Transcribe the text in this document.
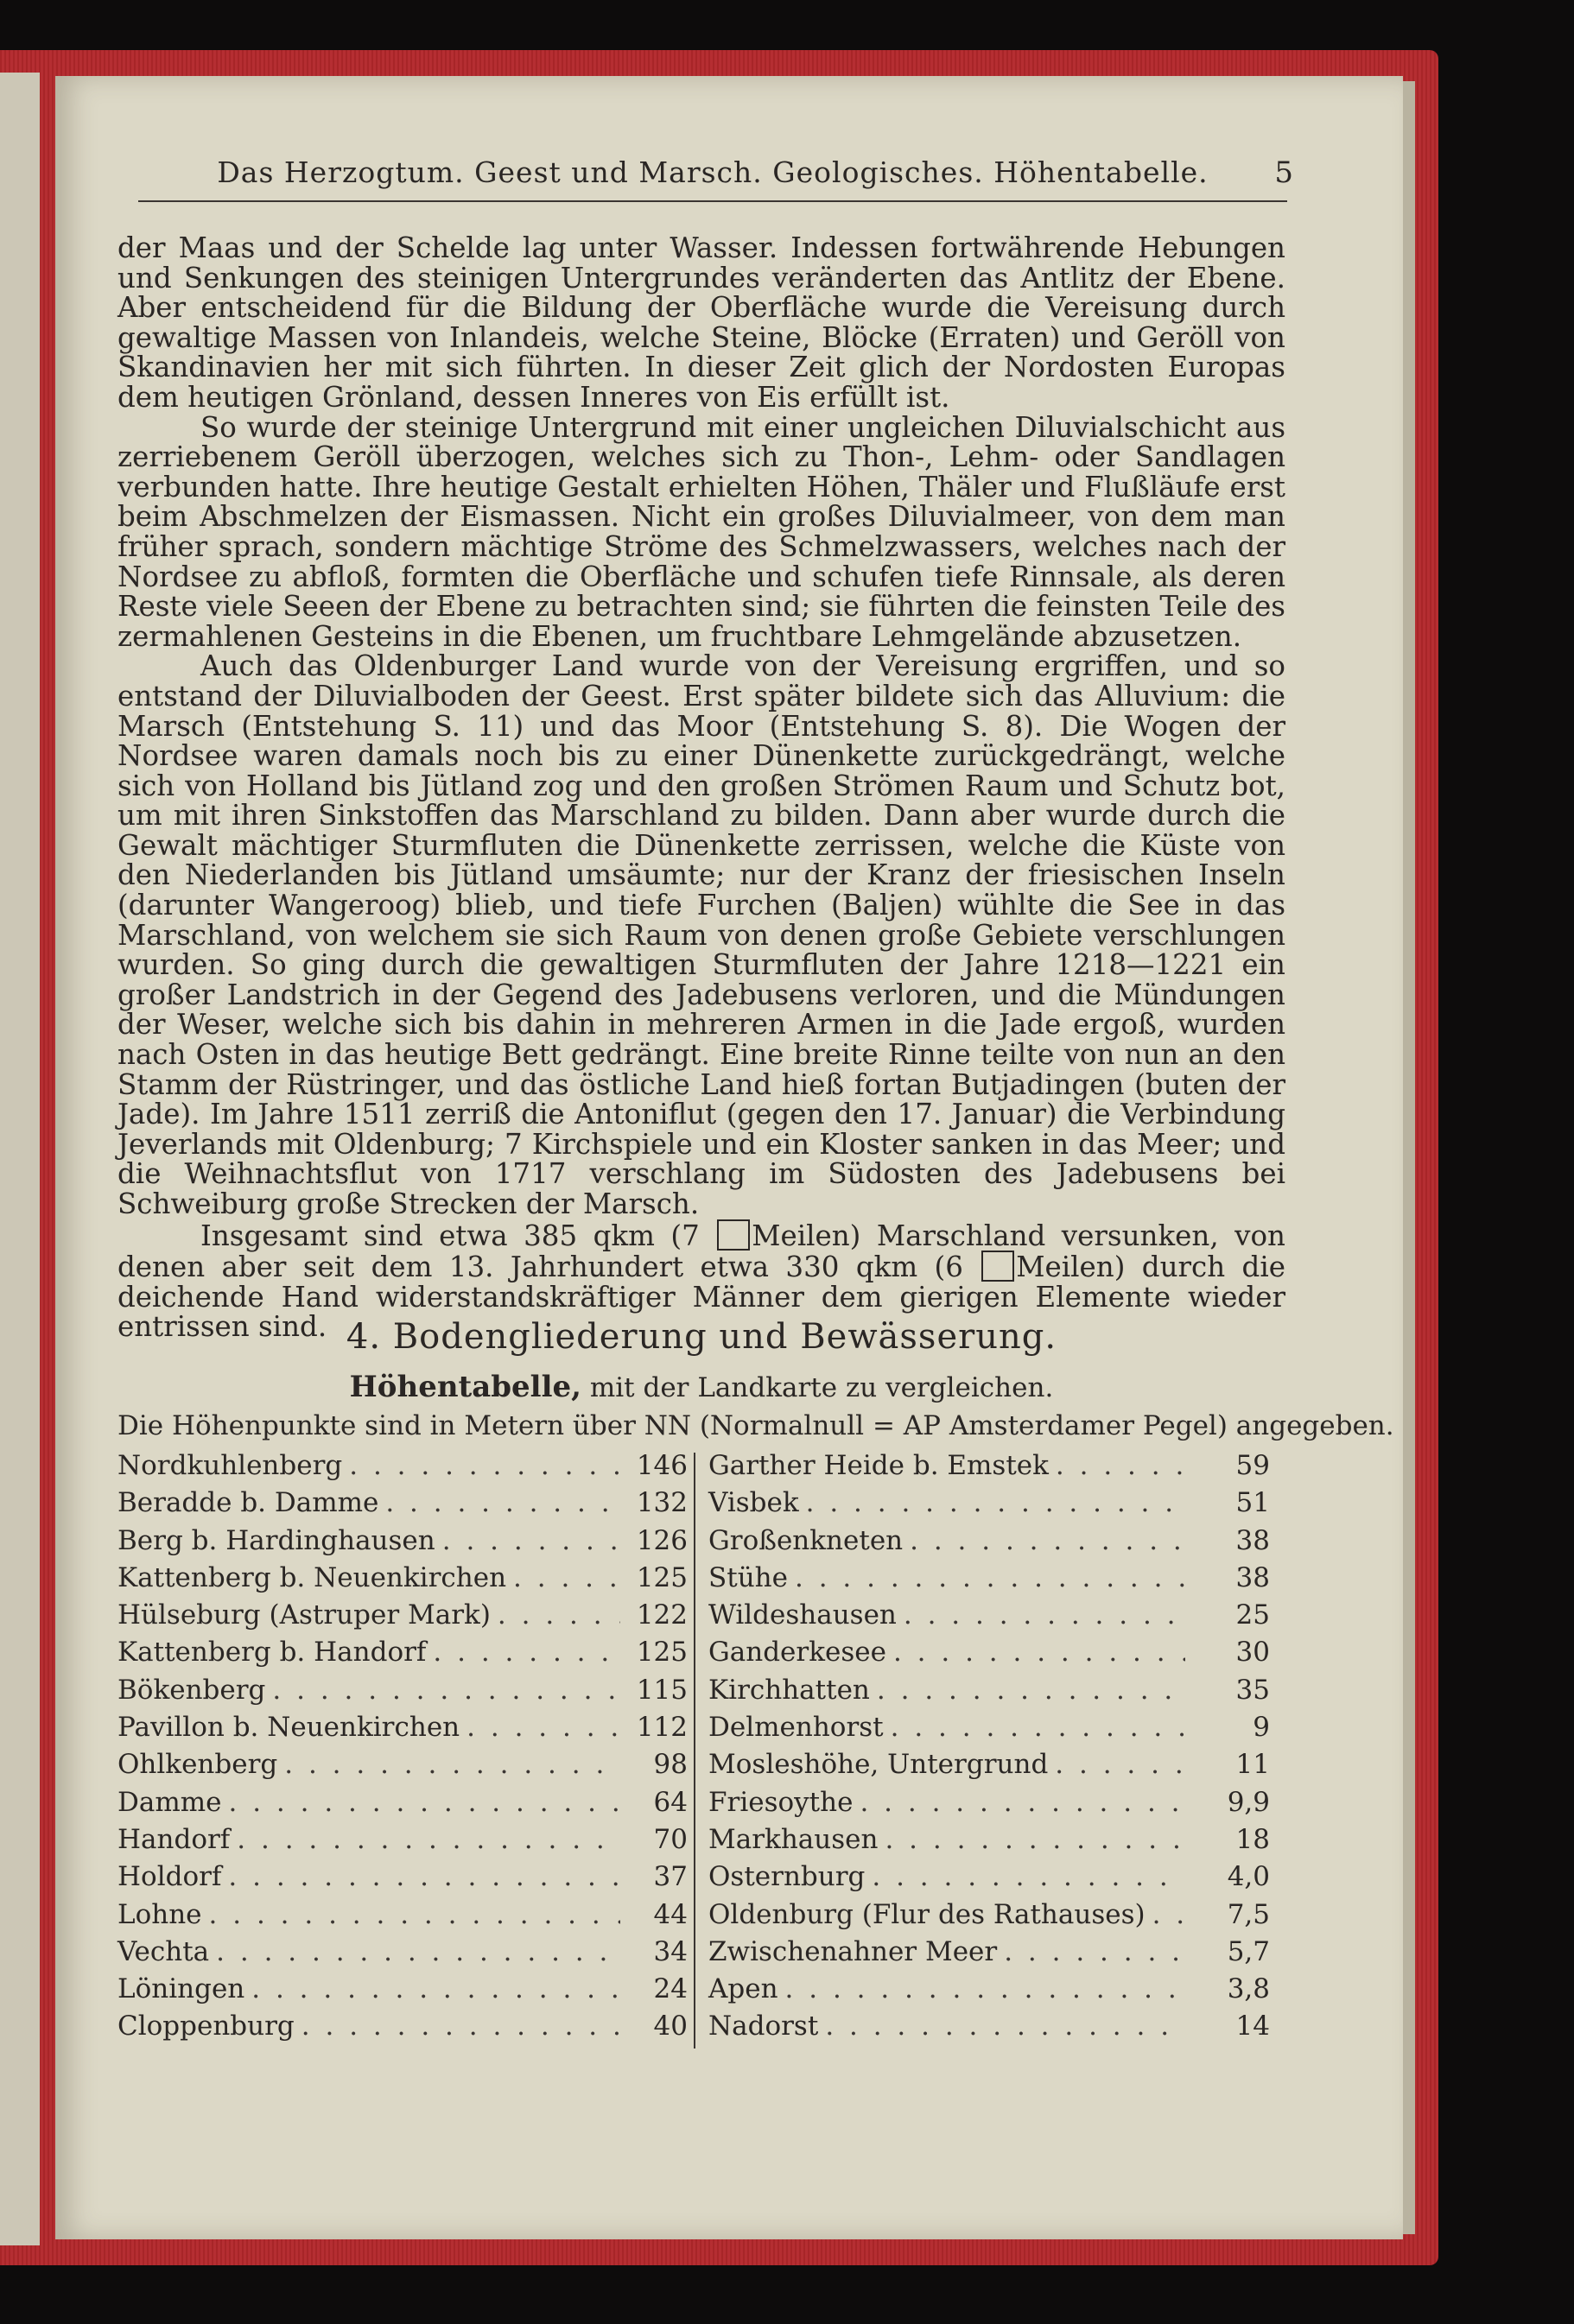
Das Herzogtum. Geest und Marsch. Geologisches. Höhentabelle.	5

der Maas und der Schelde lag unter Wasser. Indessen fortwährende Hebungen und Senkungen des steinigen Untergrundes veränderten das Antlitz der Ebene. Aber entscheidend für die Bildung der Oberfläche wurde die Vereisung durch gewaltige Massen von Inlandeis, welche Steine, Blöcke (Erraten) und Geröll von Skandinavien her mit sich führten. In dieser Zeit glich der Nordosten Europas dem heutigen Grönland, dessen Inneres von Eis erfüllt ist.

So wurde der steinige Untergrund mit einer ungleichen Diluvialschicht aus zerriebenem Geröll überzogen, welches sich zu Thon-, Lehm- oder Sandlagen verbunden hatte. Ihre heutige Gestalt erhielten Höhen, Thäler und Flußläufe erst beim Abschmelzen der Eismassen. Nicht ein großes Diluvialmeer, von dem man früher sprach, sondern mächtige Ströme des Schmelzwassers, welches nach der Nordsee zu abfloß, formten die Oberfläche und schufen tiefe Rinnsale, als deren Reste viele Seeen der Ebene zu betrachten sind; sie führten die feinsten Teile des zermahlenen Gesteins in die Ebenen, um fruchtbare Lehmgelände abzusetzen.

Auch das Oldenburger Land wurde von der Vereisung ergriffen, und so entstand der Diluvialboden der Geest. Erst später bildete sich das Alluvium: die Marsch (Entstehung S. 11) und das Moor (Entstehung S. 8). Die Wogen der Nordsee waren damals noch bis zu einer Dünenkette zurückgedrängt, welche sich von Holland bis Jütland zog und den großen Strömen Raum und Schutz bot, um mit ihren Sinkstoffen das Marschland zu bilden. Dann aber wurde durch die Gewalt mächtiger Sturmfluten die Dünenkette zerrissen, welche die Küste von den Niederlanden bis Jütland umsäumte; nur der Kranz der friesischen Inseln (darunter Wangeroog) blieb, und tiefe Furchen (Baljen) wühlte die See in das Marschland, von welchem sie sich Raum von denen große Gebiete verschlungen wurden. So ging durch die gewaltigen Sturmfluten der Jahre 1218—1221 ein großer Landstrich in der Gegend des Jadebusens verloren, und die Mündungen der Weser, welche sich bis dahin in mehreren Armen in die Jade ergoß, wurden nach Osten in das heutige Bett gedrängt. Eine breite Rinne teilte von nun an den Stamm der Rüstringer, und das östliche Land hieß fortan Butjadingen (buten der Jade). Im Jahre 1511 zerriß die Antoniflut (gegen den 17. Januar) die Verbindung Jeverlands mit Oldenburg; 7 Kirchspiele und ein Kloster sanken in das Meer; und die Weihnachtsflut von 1717 verschlang im Südosten des Jadebusens bei Schweiburg große Strecken der Marsch.

Insgesamt sind etwa 385 qkm (7 Meilen) Marschland versunken, von denen aber seit dem 13. Jahrhundert etwa 330 qkm (6 Meilen) durch die deichende Hand widerstandskräftiger Männer dem gierigen Elemente wieder entrissen sind. 4. Bodengliederung und Bewässerung.
Höhentabelle, mit der Landkarte zu vergleichen.
Die Höhenpunkte sind in Metern über NN (Normalnull = AP Amsterdamer Pegel) angegeben.
Nordkuhlenberg . . .	146
Beradde b. Damme . . .	132
Berg b. Hardinghausen . . .	126
Kattenberg b. Neuenkirchen . . .	125
Hülseburg (Astruper Mark) . . .	122
Kattenberg b. Handorf . . .	125
Bökenberg . . .	115
Pavillon b. Neuenkirchen . . .	112
Ohlkenberg . . .	98
Damme . . .	64
Handorf . . .	70
Holdorf . . .	37
Lohne . . .	44
Vechta . . .	34
Löningen . . .	24
Cloppenburg . . .	40
Garther Heide b. Emstek . . .	59
Visbek . . .	51
Großenkneten . . .	38
Stühe . . .	38
Wildeshausen . . .	25
Ganderkesee . . .	30
Kirchhatten . . .	35
Delmenhorst . . .	9
Mosleshöhe, Untergrund . . .	11
Friesoythe . . .	9,9
Markhausen . . .	18
Osternburg . . .	4,0
Oldenburg (Flur des Rathauses) . . .	7,5
Zwischenahner Meer . . .	5,7
Apen . . .	3,8
Nadorst . . .	14
